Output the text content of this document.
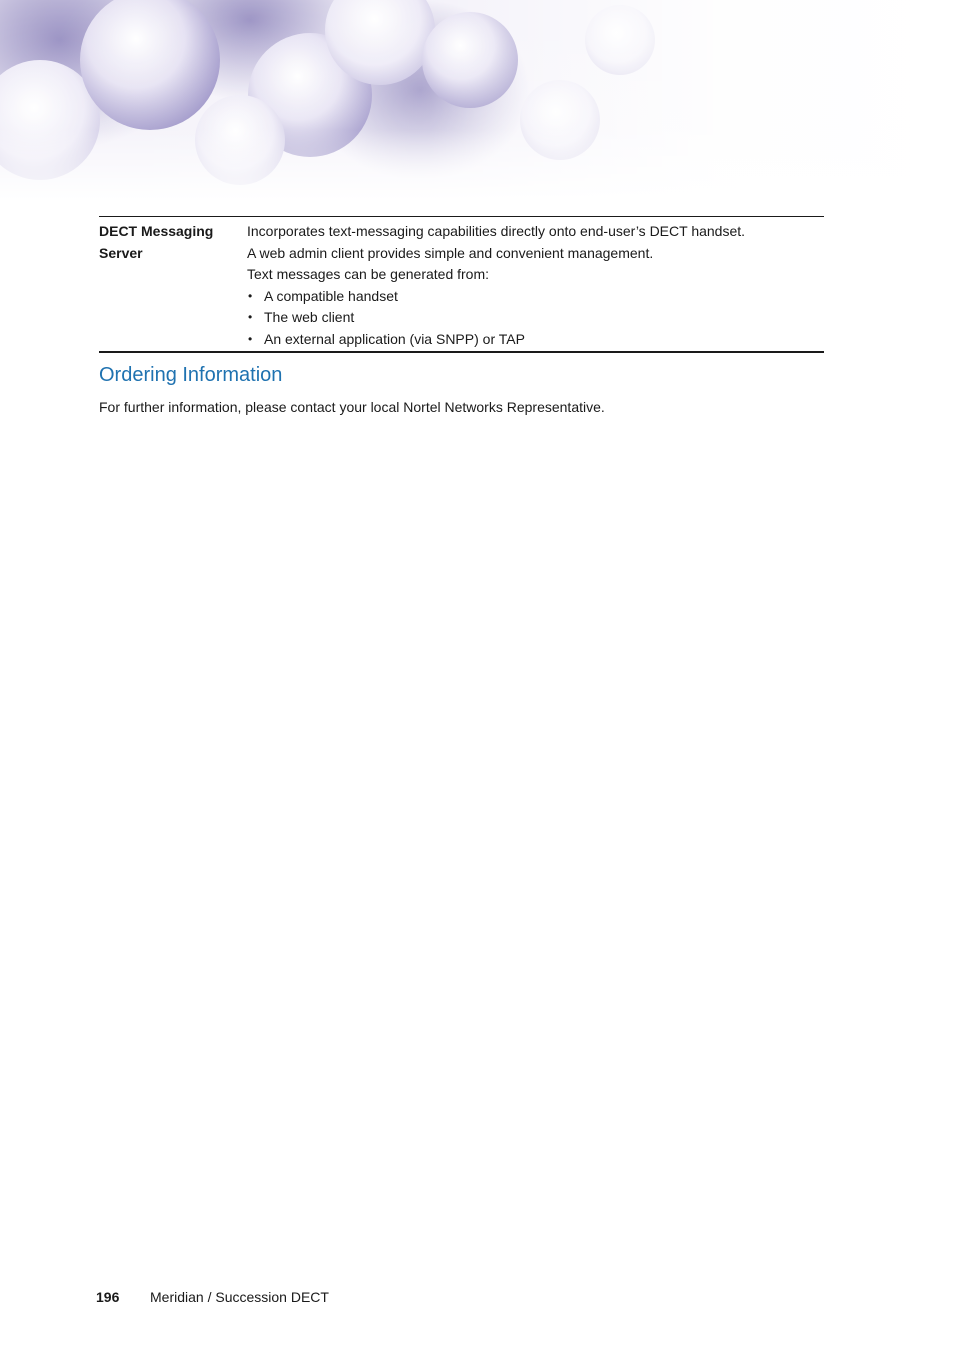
DECT Messaging
Server

Incorporates text-messaging capabilities directly onto end-user’s DECT handset.

A web admin client provides simple and convenient management.

Text messages can be generated from:

• A compatible handset
• The web client
• An external application (via SNPP) or TAP
Ordering Information

For further information, please contact your local Nortel Networks Representative.

196	Meridian / Succession DECT
